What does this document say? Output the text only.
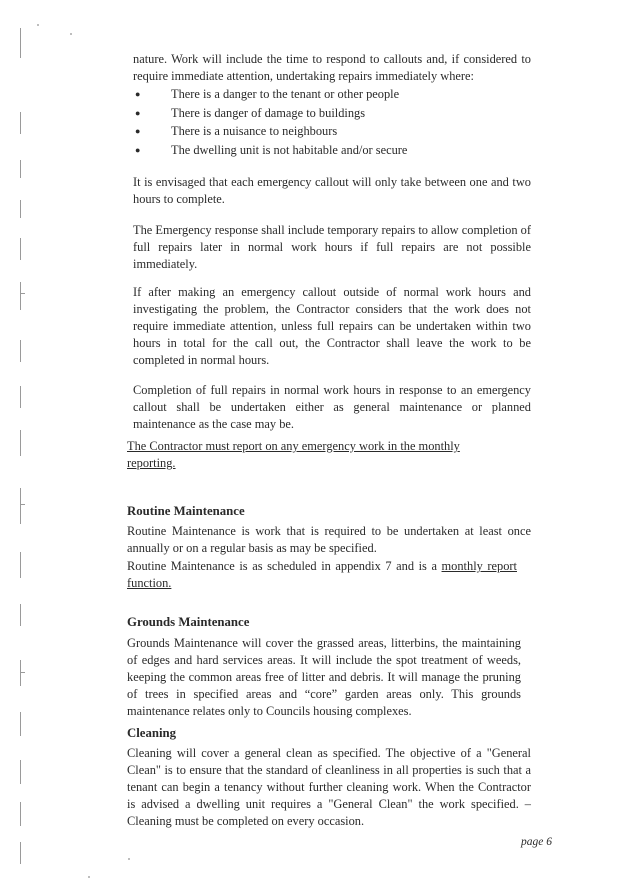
nature. Work will include the time to respond to callouts and, if considered to require immediate attention, undertaking repairs immediately where:

● There is a danger to the tenant or other people
● There is danger of damage to buildings
● There is a nuisance to neighbours
● The dwelling unit is not habitable and/or secure

It is envisaged that each emergency callout will only take between one and two hours to complete.

The Emergency response shall include temporary repairs to allow completion of full repairs later in normal work hours if full repairs are not possible immediately.

If after making an emergency callout outside of normal work hours and investigating the problem, the Contractor considers that the work does not require immediate attention, unless full repairs can be undertaken within two hours in total for the call out, the Contractor shall leave the work to be completed in normal hours.

Completion of full repairs in normal work hours in response to an emergency callout shall be undertaken either as general maintenance or planned maintenance as the case may be.

The Contractor must report on any emergency work in the monthly reporting.

Routine Maintenance

Routine Maintenance is work that is required to be undertaken at least once annually or on a regular basis as may be specified.

Routine Maintenance is as scheduled in appendix 7 and is a monthly report function.

Grounds Maintenance

Grounds Maintenance will cover the grassed areas, litterbins, the maintaining of edges and hard services areas. It will include the spot treatment of weeds, keeping the common areas free of litter and debris. It will manage the pruning of trees in specified areas and “core” garden areas only. This grounds maintenance relates only to Councils housing complexes.

Cleaning

Cleaning will cover a general clean as specified. The objective of a "General Clean" is to ensure that the standard of cleanliness in all properties is such that a tenant can begin a tenancy without further cleaning work. When the Contractor is advised a dwelling unit requires a "General Clean" the work specified. – Cleaning must be completed on every occasion.

page 6
